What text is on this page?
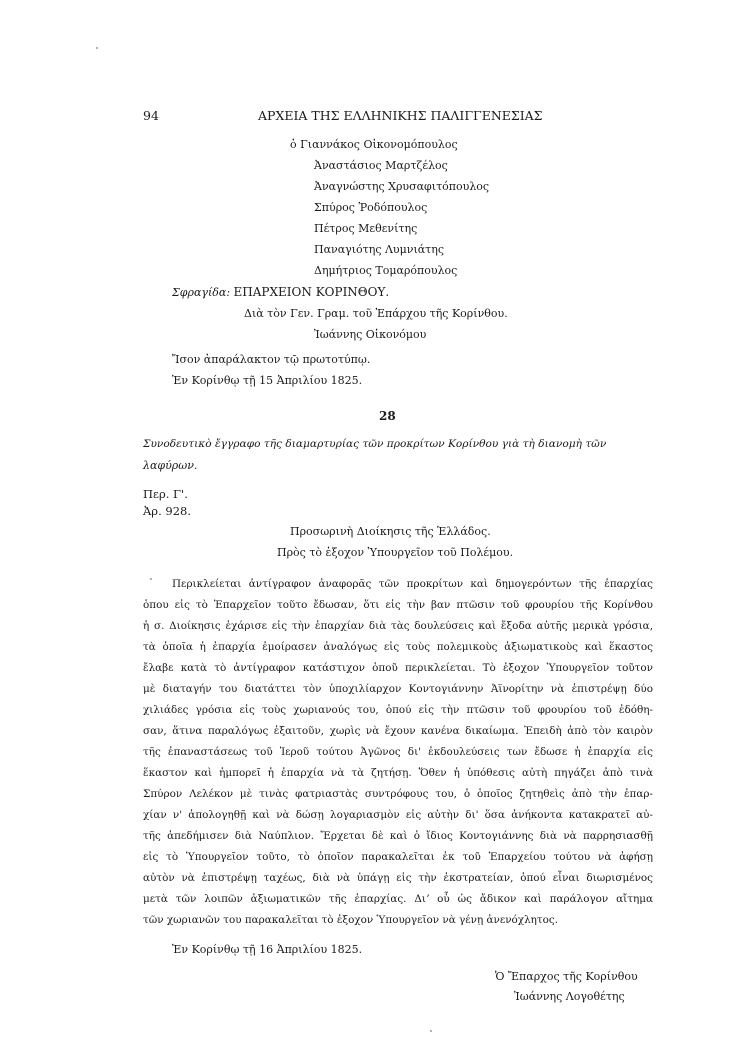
94	ΑΡΧΕΙΑ ΤΗΣ ΕΛΛΗΝΙΚΗΣ ΠΑΛΙΓΓΕΝΕΣΙΑΣ
ὁ Γιαννάκος Οἰκονομόπουλος
Ἀναστάσιος Μαρτζέλος
Ἀναγνώστης Χρυσαφιτόπουλος
Σπύρος Ῥοδόπουλος
Πέτρος Μεθενίτης
Παναγιότης Λυμνιάτης
Δημήτριος Τομαρόπουλος
Σφραγίδα: ΕΠΑΡΧΕΙΟΝ ΚΟΡΙΝΘΟΥ.
Διὰ τὸν Γεν. Γραμ. τοῦ Ἐπάρχου τῆς Κορίνθου.
Ἰωάννης Οἰκονόμου
Ἴσον ἀπαράλακτον τῷ πρωτοτύπῳ.
Ἐν Κορίνθῳ τῇ 15 Ἀπριλίου 1825.
28
Συνοδευτικὸ ἔγγραφο τῆς διαμαρτυρίας τῶν προκρίτων Κορίνθου γιὰ τὴ διανομὴ τῶν
λαφύρων.
Περ. Γ'.
Ἀρ. 928.
Προσωρινὴ Διοίκησις τῆς Ἑλλάδος.
Πρὸς τὸ ἐξοχον Ὑπουργεῖον τοῦ Πολέμου.
Περικλείεται ἀντίγραφον ἀναφορᾶς τῶν προκρίτων καὶ δημογερόντων τῆς ἐπαρχίας
ὁπου εἰς τὸ Ἐπαρχεῖον τοῦτο ἔδωσαν, ὅτι εἰς τὴν βαν πτῶσιν τοῦ φρουρίου τῆς Κορίνθου
ἡ σ. Διοίκησις ἐχάρισε εἰς τὴν ἐπαρχίαν διὰ τὰς δουλεύσεις καὶ ἔξοδα αὐτῆς μερικὰ γρόσια,
τὰ ὁποῖα ἡ ἐπαρχία ἐμοίρασεν ἀναλόγως εἰς τοὺς πολεμικοὺς ἀξιωματικοὺς καὶ ἕκαστος
ἔλαβε κατὰ τὸ ἀντίγραφον κατάστιχον ὁποῦ περικλείεται. Τὸ ἐξοχον Ὑπουργεῖον τοῦτον
μὲ διαταγήν του διατάττει τὸν ὑποχιλίαρχον Κοντογιάννην Ἀϊνορίτην νὰ ἐπιστρέψῃ δύο
χιλιάδες γρόσια εἰς τοὺς χωριανούς του, ὁπού εἰς τὴν πτῶσιν τοῦ φρουρίου τοῦ ἐδόθη-
σαν, ἅτινα παραλόγως ἐξαιτοῦν, χωρὶς νὰ ἔχουν κανένα δικαίωμα. Ἐπειδὴ ἀπὸ τὸν καιρὸν
τῆς ἐπαναστάσεως τοῦ Ἱεροῦ τούτου Ἀγῶνος δι' ἐκδουλεύσεις των ἔδωσε ἡ ἐπαρχία εἰς
ἕκαστον καὶ ἠμπορεῖ ἡ ἐπαρχία νὰ τὰ ζητήσῃ. Ὅθεν ἡ ὑπόθεσις αὐτὴ πηγάζει ἀπὸ τινὰ
Σπύρον Λελέκον μὲ τινὰς φατριαστὰς συντρόφους του, ὁ ὁποῖος ζητηθεὶς ἀπὸ τὴν ἐπαρ-
χίαν ν' ἀπολογηθῇ καὶ νὰ δώσῃ λογαριασμὸν εἰς αὐτὴν δι' ὅσα ἀνήκοντα κατακρατεῖ αὐ-
τῆς ἀπεδήμισεν διὰ Ναύπλιον. Ἔρχεται δὲ καὶ ὁ ἴδιος Κοντογιάννης διὰ νὰ παρρησιασθῇ
εἰς τὸ Ὑπουργεῖον τοῦτο, τὸ ὁποῖον παρακαλεῖται ἐκ τοῦ Ἐπαρχείου τούτου νὰ ἀφήσῃ
αὐτὸν νὰ ἐπιστρέψῃ ταχέως, διὰ νὰ ὑπάγῃ εἰς τὴν ἐκστρατείαν, ὁπού εἶναι διωρισμένος
μετὰ τῶν λοιπῶν ἀξιωματικῶν τῆς ἐπαρχίας. Διʼ οὗ ὡς ἄδικον καὶ παράλογον αἴτημα
τῶν χωριανῶν του παρακαλεῖται τὸ ἐξοχον Ὑπουργεῖον νὰ γένῃ ἀνενόχλητος.
Ἐν Κορίνθῳ τῇ 16 Ἀπριλίου 1825.
Ὁ Ἔπαρχος τῆς Κορίνθου
Ἰωάννης Λογοθέτης
